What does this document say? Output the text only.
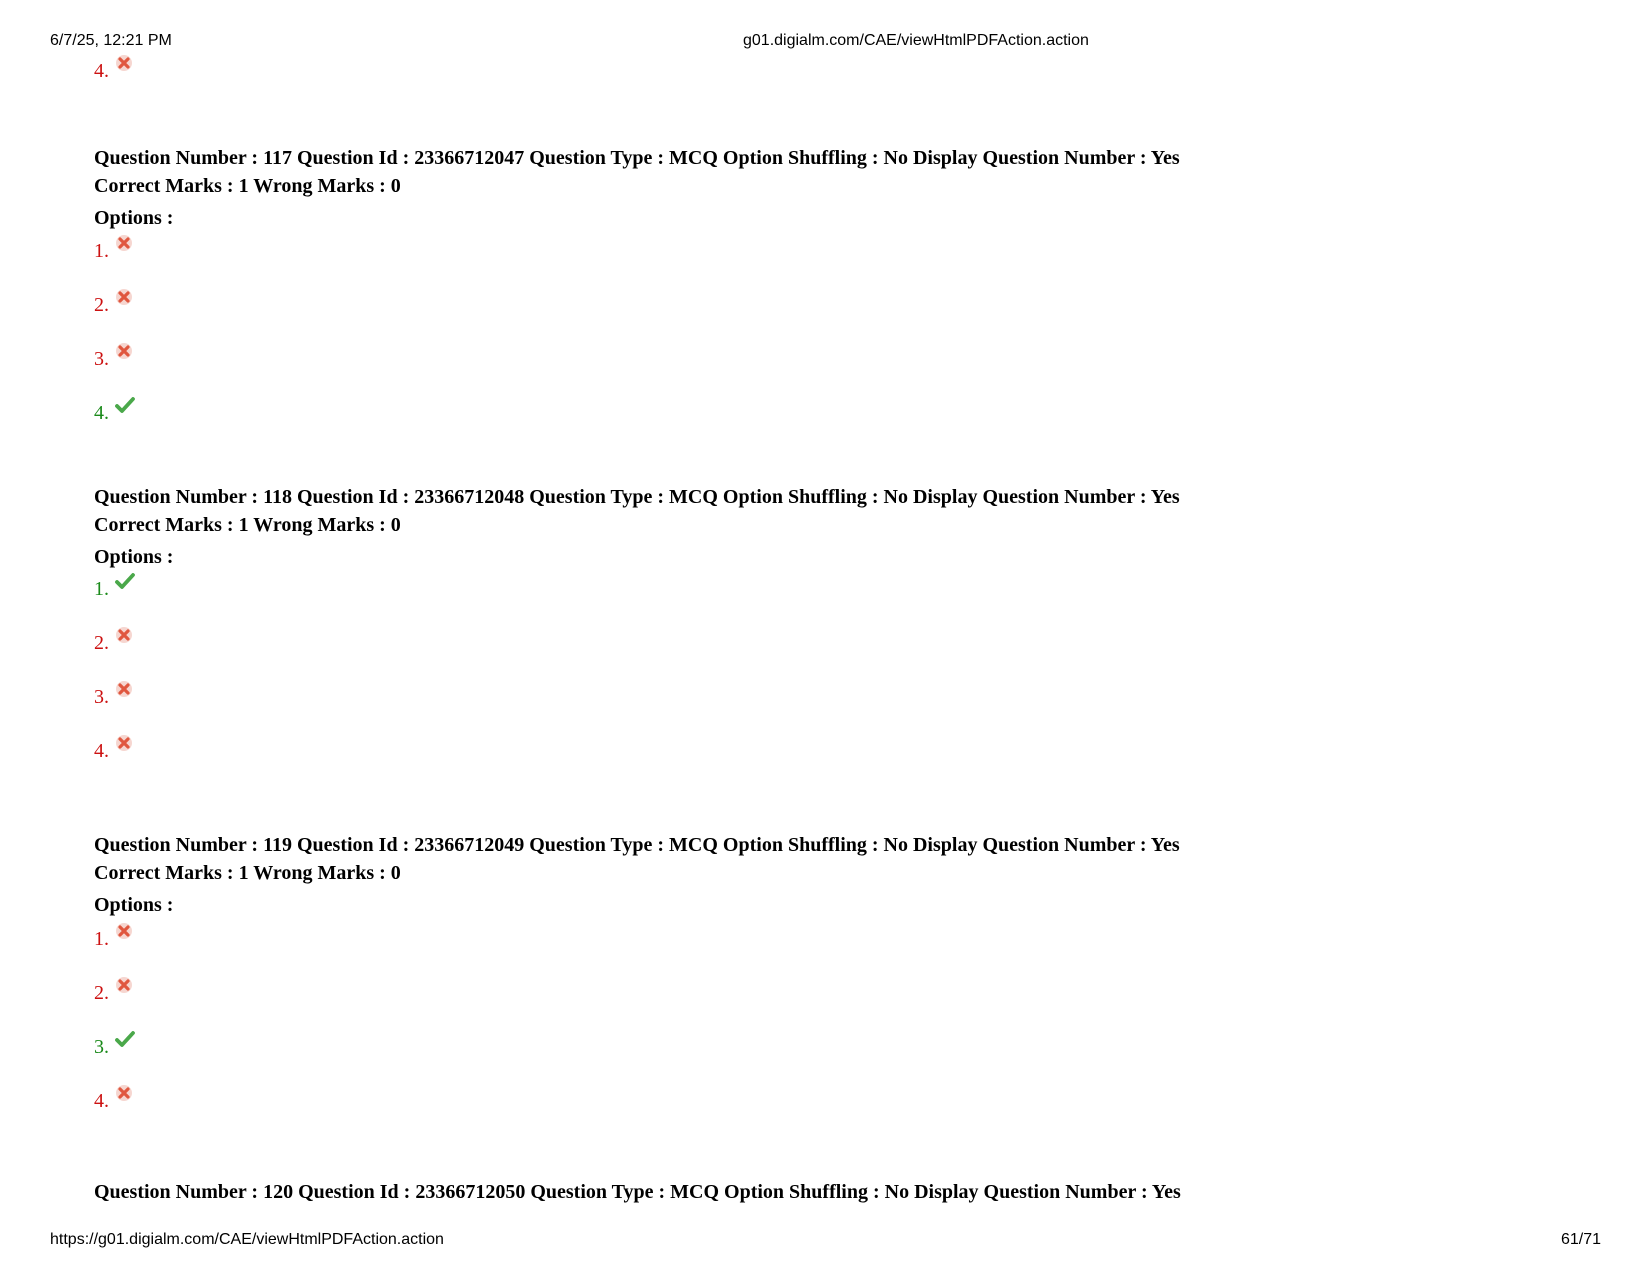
6/7/25, 12:21 PM	g01.digialm.com/CAE/viewHtmlPDFAction.action
4.
Question Number : 117 Question Id : 23366712047 Question Type : MCQ Option Shuffling : No Display Question Number : Yes
Correct Marks : 1 Wrong Marks : 0
Options :
1.
2.
3.
4.
Question Number : 118 Question Id : 23366712048 Question Type : MCQ Option Shuffling : No Display Question Number : Yes
Correct Marks : 1 Wrong Marks : 0
Options :
1.
2.
3.
4.
Question Number : 119 Question Id : 23366712049 Question Type : MCQ Option Shuffling : No Display Question Number : Yes
Correct Marks : 1 Wrong Marks : 0
Options :
1.
2.
3.
4.
Question Number : 120 Question Id : 23366712050 Question Type : MCQ Option Shuffling : No Display Question Number : Yes
https://g01.digialm.com/CAE/viewHtmlPDFAction.action	61/71
